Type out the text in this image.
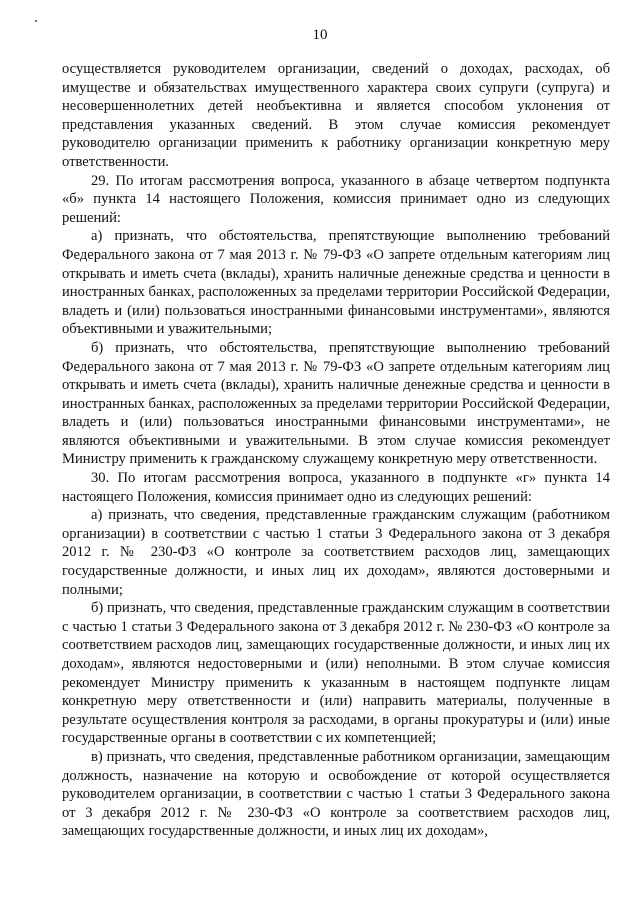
10

осуществляется руководителем организации, сведений о доходах, расходах, об имуществе и обязательствах имущественного характера своих супруги (супруга) и несовершеннолетних детей необъективна и является способом уклонения от представления указанных сведений. В этом случае комиссия рекомендует руководителю организации применить к работнику организации конкретную меру ответственности.

29. По итогам рассмотрения вопроса, указанного в абзаце четвертом подпункта «б» пункта 14 настоящего Положения, комиссия принимает одно из следующих решений:

а) признать, что обстоятельства, препятствующие выполнению требований Федерального закона от 7 мая 2013 г. № 79-ФЗ «О запрете отдельным категориям лиц открывать и иметь счета (вклады), хранить наличные денежные средства и ценности в иностранных банках, расположенных за пределами территории Российской Федерации, владеть и (или) пользоваться иностранными финансовыми инструментами», являются объективными и уважительными;

б) признать, что обстоятельства, препятствующие выполнению требований Федерального закона от 7 мая 2013 г. № 79-ФЗ «О запрете отдельным категориям лиц открывать и иметь счета (вклады), хранить наличные денежные средства и ценности в иностранных банках, расположенных за пределами территории Российской Федерации, владеть и (или) пользоваться иностранными финансовыми инструментами», не являются объективными и уважительными. В этом случае комиссия рекомендует Министру применить к гражданскому служащему конкретную меру ответственности.

30. По итогам рассмотрения вопроса, указанного в подпункте «г» пункта 14 настоящего Положения, комиссия принимает одно из следующих решений:

а) признать, что сведения, представленные гражданским служащим (работником организации) в соответствии с частью 1 статьи 3 Федерального закона от 3 декабря 2012 г. № 230-ФЗ «О контроле за соответствием расходов лиц, замещающих государственные должности, и иных лиц их доходам», являются достоверными и полными;

б) признать, что сведения, представленные гражданским служащим в соответствии с частью 1 статьи 3 Федерального закона от 3 декабря 2012 г. № 230-ФЗ «О контроле за соответствием расходов лиц, замещающих государственные должности, и иных лиц их доходам», являются недостоверными и (или) неполными. В этом случае комиссия рекомендует Министру применить к указанным в настоящем подпункте лицам конкретную меру ответственности и (или) направить материалы, полученные в результате осуществления контроля за расходами, в органы прокуратуры и (или) иные государственные органы в соответствии с их компетенцией;

в) признать, что сведения, представленные работником организации, замещающим должность, назначение на которую и освобождение от которой осуществляется руководителем организации, в соответствии с частью 1 статьи 3 Федерального закона от 3 декабря 2012 г. № 230-ФЗ «О контроле за соответствием расходов лиц, замещающих государственные должности, и иных лиц их доходам»,
